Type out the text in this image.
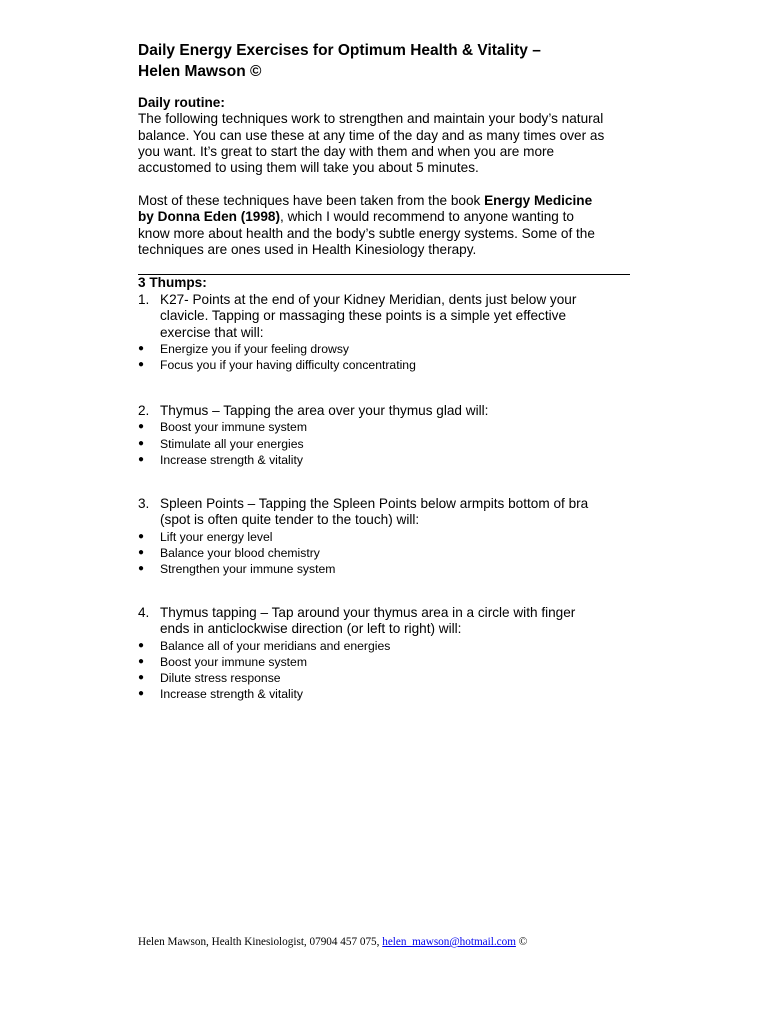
Daily Energy Exercises for Optimum Health & Vitality –
Helen Mawson ©
Daily routine:
The following techniques work to strengthen and maintain your body’s natural
balance. You can use these at any time of the day and as many times over as
you want. It’s great to start the day with them and when you are more
accustomed to using them will take you about 5 minutes.
Most of these techniques have been taken from the book Energy Medicine
by Donna Eden (1998), which I would recommend to anyone wanting to
know more about health and the body’s subtle energy systems. Some of the
techniques are ones used in Health Kinesiology therapy.
3 Thumps:
1. K27- Points at the end of your Kidney Meridian, dents just below your
clavicle. Tapping or massaging these points is a simple yet effective
exercise that will:
● Energize you if your feeling drowsy
● Focus you if your having difficulty concentrating
2. Thymus – Tapping the area over your thymus glad will:
● Boost your immune system
● Stimulate all your energies
● Increase strength & vitality
3. Spleen Points – Tapping the Spleen Points below armpits bottom of bra
(spot is often quite tender to the touch) will:
● Lift your energy level
● Balance your blood chemistry
● Strengthen your immune system
4. Thymus tapping – Tap around your thymus area in a circle with finger
ends in anticlockwise direction (or left to right) will:
● Balance all of your meridians and energies
● Boost your immune system
● Dilute stress response
● Increase strength & vitality
Helen Mawson, Health Kinesiologist, 07904 457 075, helen_mawson@hotmail.com ©
